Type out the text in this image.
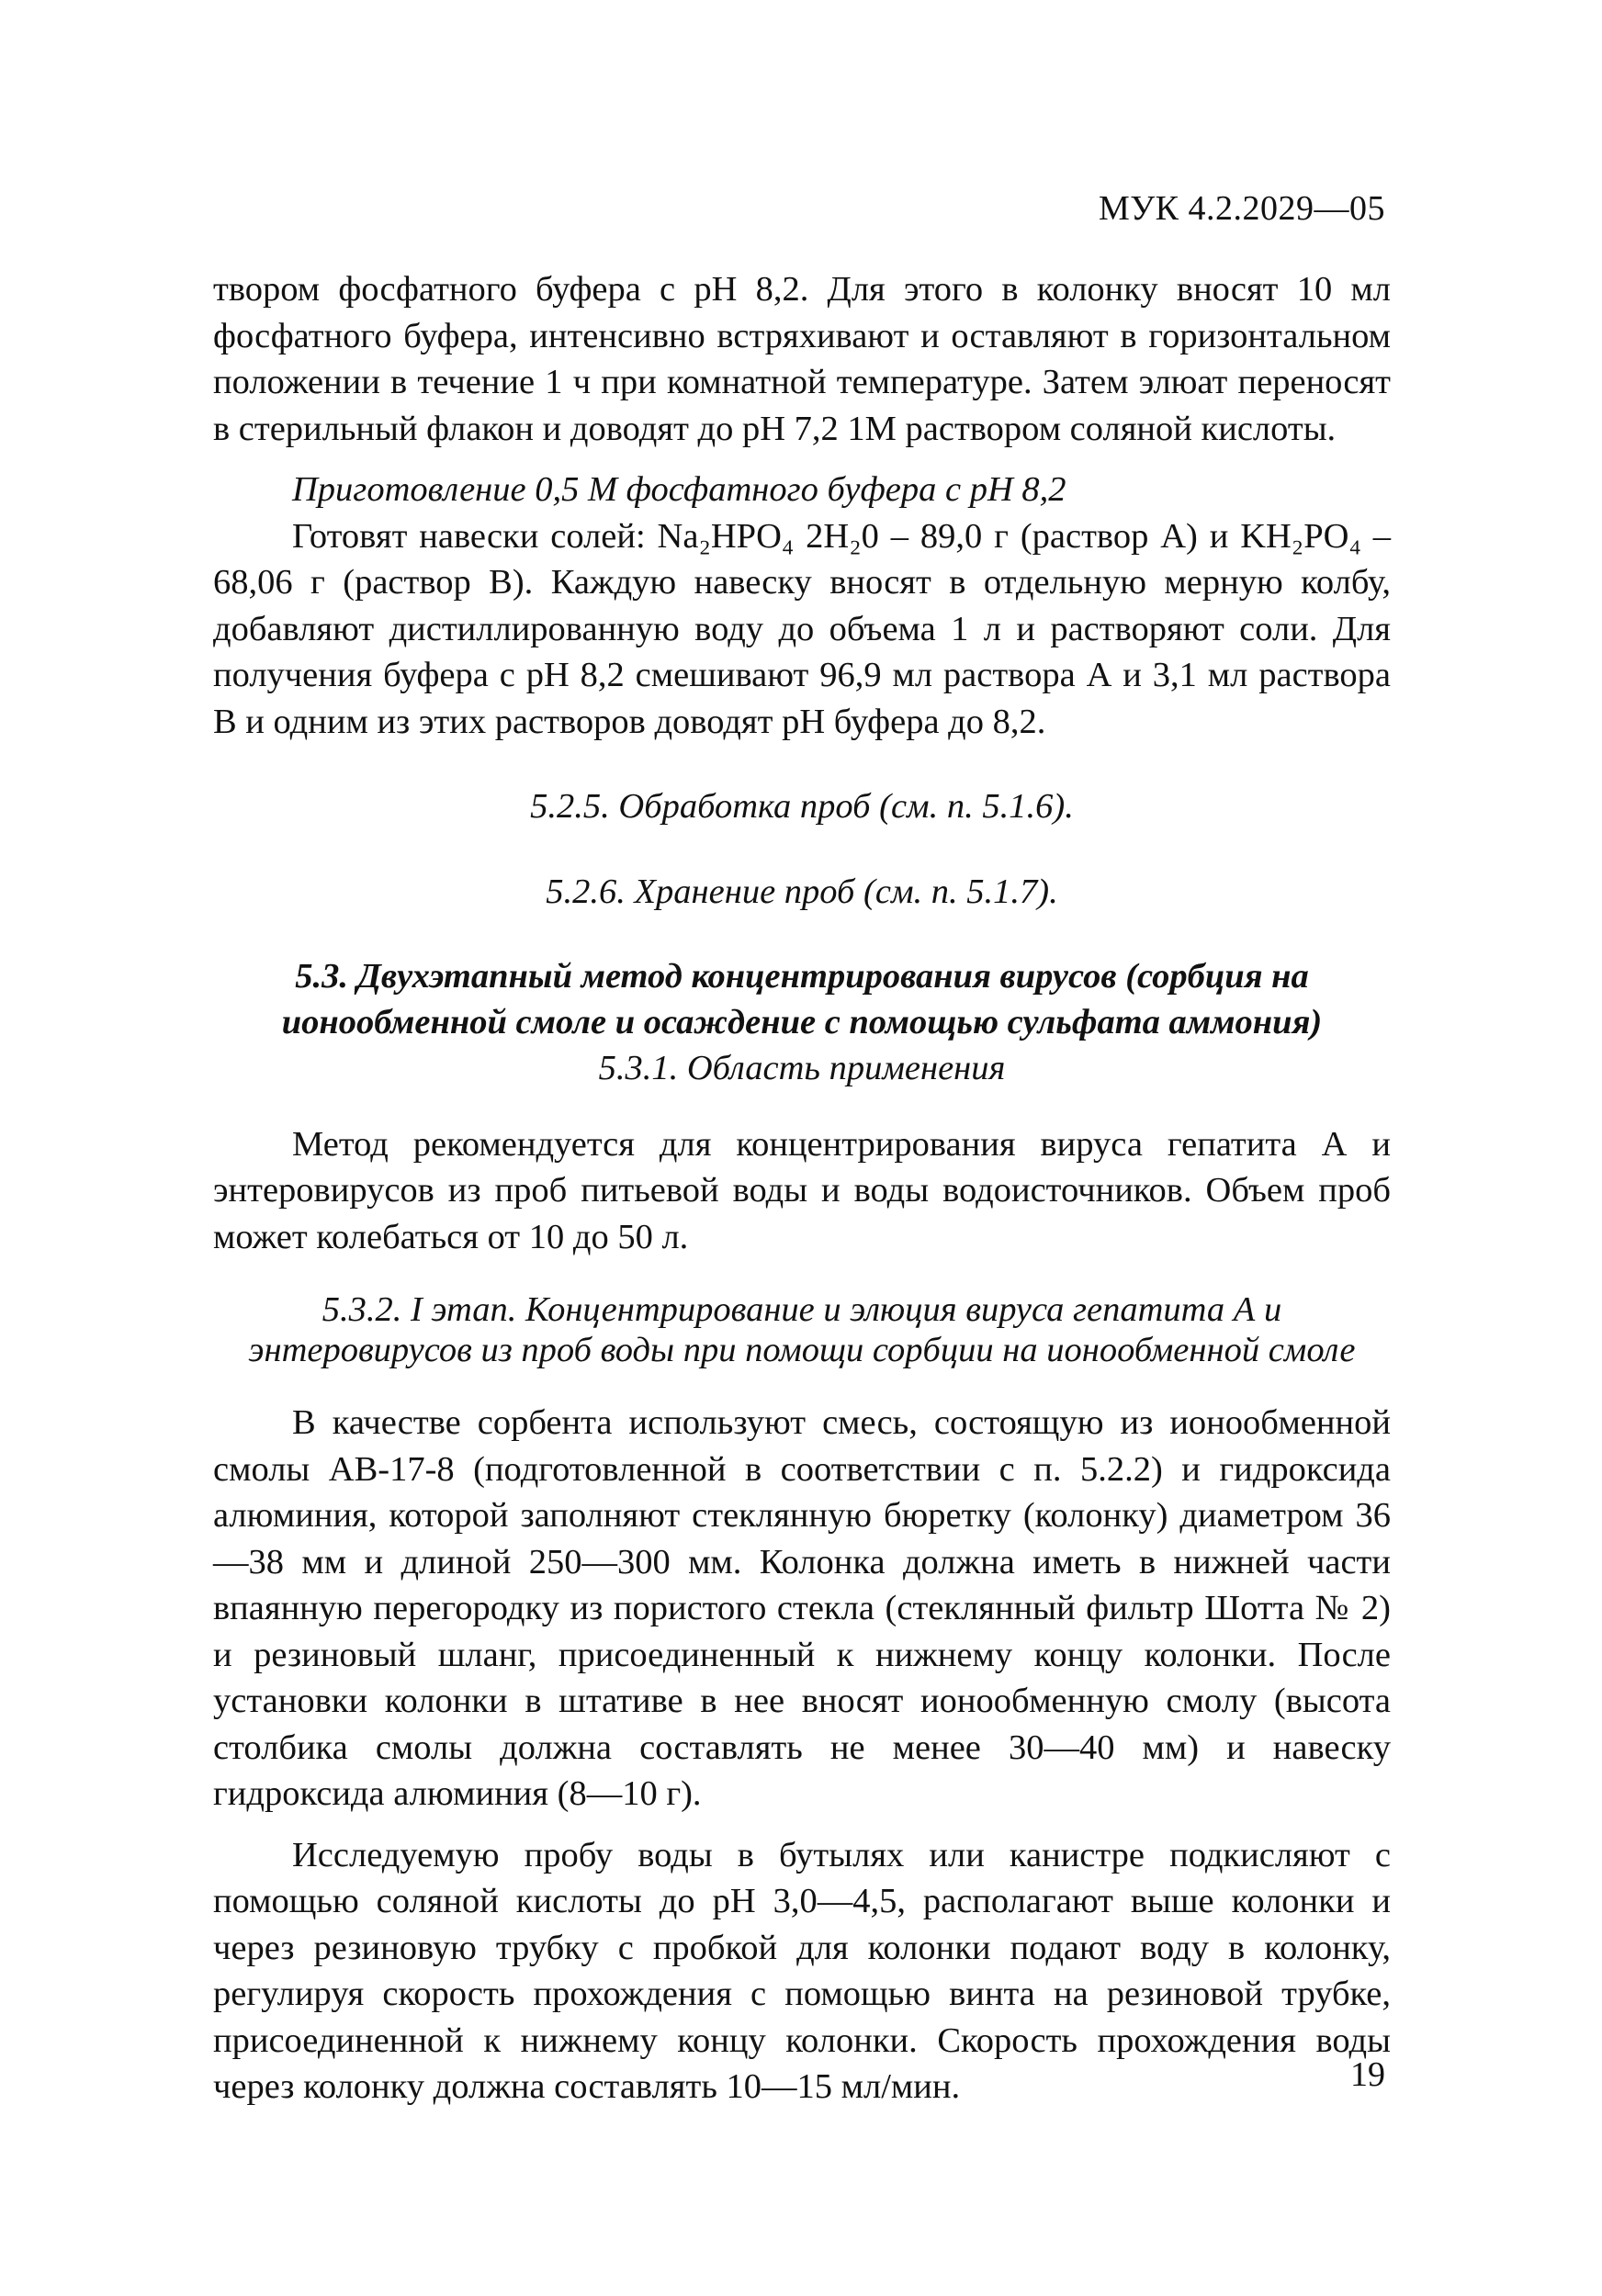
МУК 4.2.2029—05

твором фосфатного буфера с рН 8,2. Для этого в колонку вносят 10 мл фосфатного буфера, интенсивно встряхивают и оставляют в горизонтальном положении в течение 1 ч при комнатной температуре. Затем элюат переносят в стерильный флакон и доводят до рН 7,2 1М раствором соляной кислоты.

Приготовление 0,5 М фосфатного буфера с рН 8,2

Готовят навески солей: Na₂HPO₄ 2H₂0 – 89,0 г (раствор А) и KH₂PO₄ – 68,06 г (раствор В). Каждую навеску вносят в отдельную мерную колбу, добавляют дистиллированную воду до объема 1 л и растворяют соли. Для получения буфера с рН 8,2 смешивают 96,9 мл раствора А и 3,1 мл раствора В и одним из этих растворов доводят рН буфера до 8,2.

5.2.5. Обработка проб (см. п. 5.1.6).

5.2.6. Хранение проб (см. п. 5.1.7).

5.3. Двухэтапный метод концентрирования вирусов (сорбция на ионообменной смоле и осаждение с помощью сульфата аммония)

5.3.1. Область применения

Метод рекомендуется для концентрирования вируса гепатита А и энтеровирусов из проб питьевой воды и воды водоисточников. Объем проб может колебаться от 10 до 50 л.

5.3.2. I этап. Концентрирование и элюция вируса гепатита А и энтеровирусов из проб воды при помощи сорбции на ионообменной смоле

В качестве сорбента используют смесь, состоящую из ионообменной смолы АВ-17-8 (подготовленной в соответствии с п. 5.2.2) и гидроксида алюминия, которой заполняют стеклянную бюретку (колонку) диаметром 36—38 мм и длиной 250—300 мм. Колонка должна иметь в нижней части впаянную перегородку из пористого стекла (стеклянный фильтр Шотта № 2) и резиновый шланг, присоединенный к нижнему концу колонки. После установки колонки в штативе в нее вносят ионообменную смолу (высота столбика смолы должна составлять не менее 30—40 мм) и навеску гидроксида алюминия (8—10 г).

Исследуемую пробу воды в бутылях или канистре подкисляют с помощью соляной кислоты до рН 3,0—4,5, располагают выше колонки и через резиновую трубку с пробкой для колонки подают воду в колонку, регулируя скорость прохождения с помощью винта на резиновой трубке, присоединенной к нижнему концу колонки. Скорость прохождения воды через колонку должна составлять 10—15 мл/мин.	19
